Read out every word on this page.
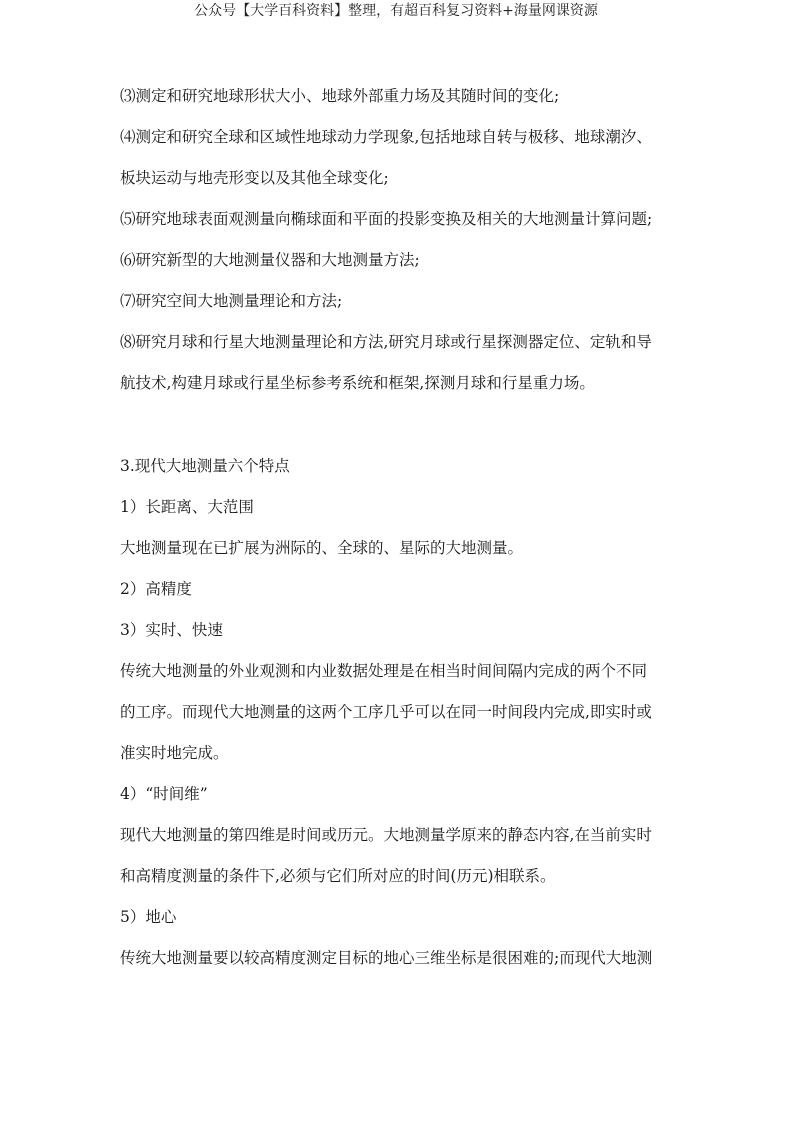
公众号【大学百科资料】整理，有超百科复习资料+海量网课资源

⑶测定和研究地球形状大小、地球外部重力场及其随时间的变化;

⑷测定和研究全球和区域性地球动力学现象,包括地球自转与极移、地球潮汐、

板块运动与地壳形变以及其他全球变化;

⑸研究地球表面观测量向椭球面和平面的投影变换及相关的大地测量计算问题;

⑹研究新型的大地测量仪器和大地测量方法;

⑺研究空间大地测量理论和方法;

⑻研究月球和行星大地测量理论和方法,研究月球或行星探测器定位、定轨和导

航技术,构建月球或行星坐标参考系统和框架,探测月球和行星重力场。

3.现代大地测量六个特点

1）长距离、大范围

大地测量现在已扩展为洲际的、全球的、星际的大地测量。

2）高精度

3）实时、快速

传统大地测量的外业观测和内业数据处理是在相当时间间隔内完成的两个不同

的工序。而现代大地测量的这两个工序几乎可以在同一时间段内完成,即实时或

准实时地完成。

4）“时间维”

现代大地测量的第四维是时间或历元。大地测量学原来的静态内容,在当前实时

和高精度测量的条件下,必须与它们所对应的时间(历元)相联系。

5）地心

传统大地测量要以较高精度测定目标的地心三维坐标是很困难的;而现代大地测
